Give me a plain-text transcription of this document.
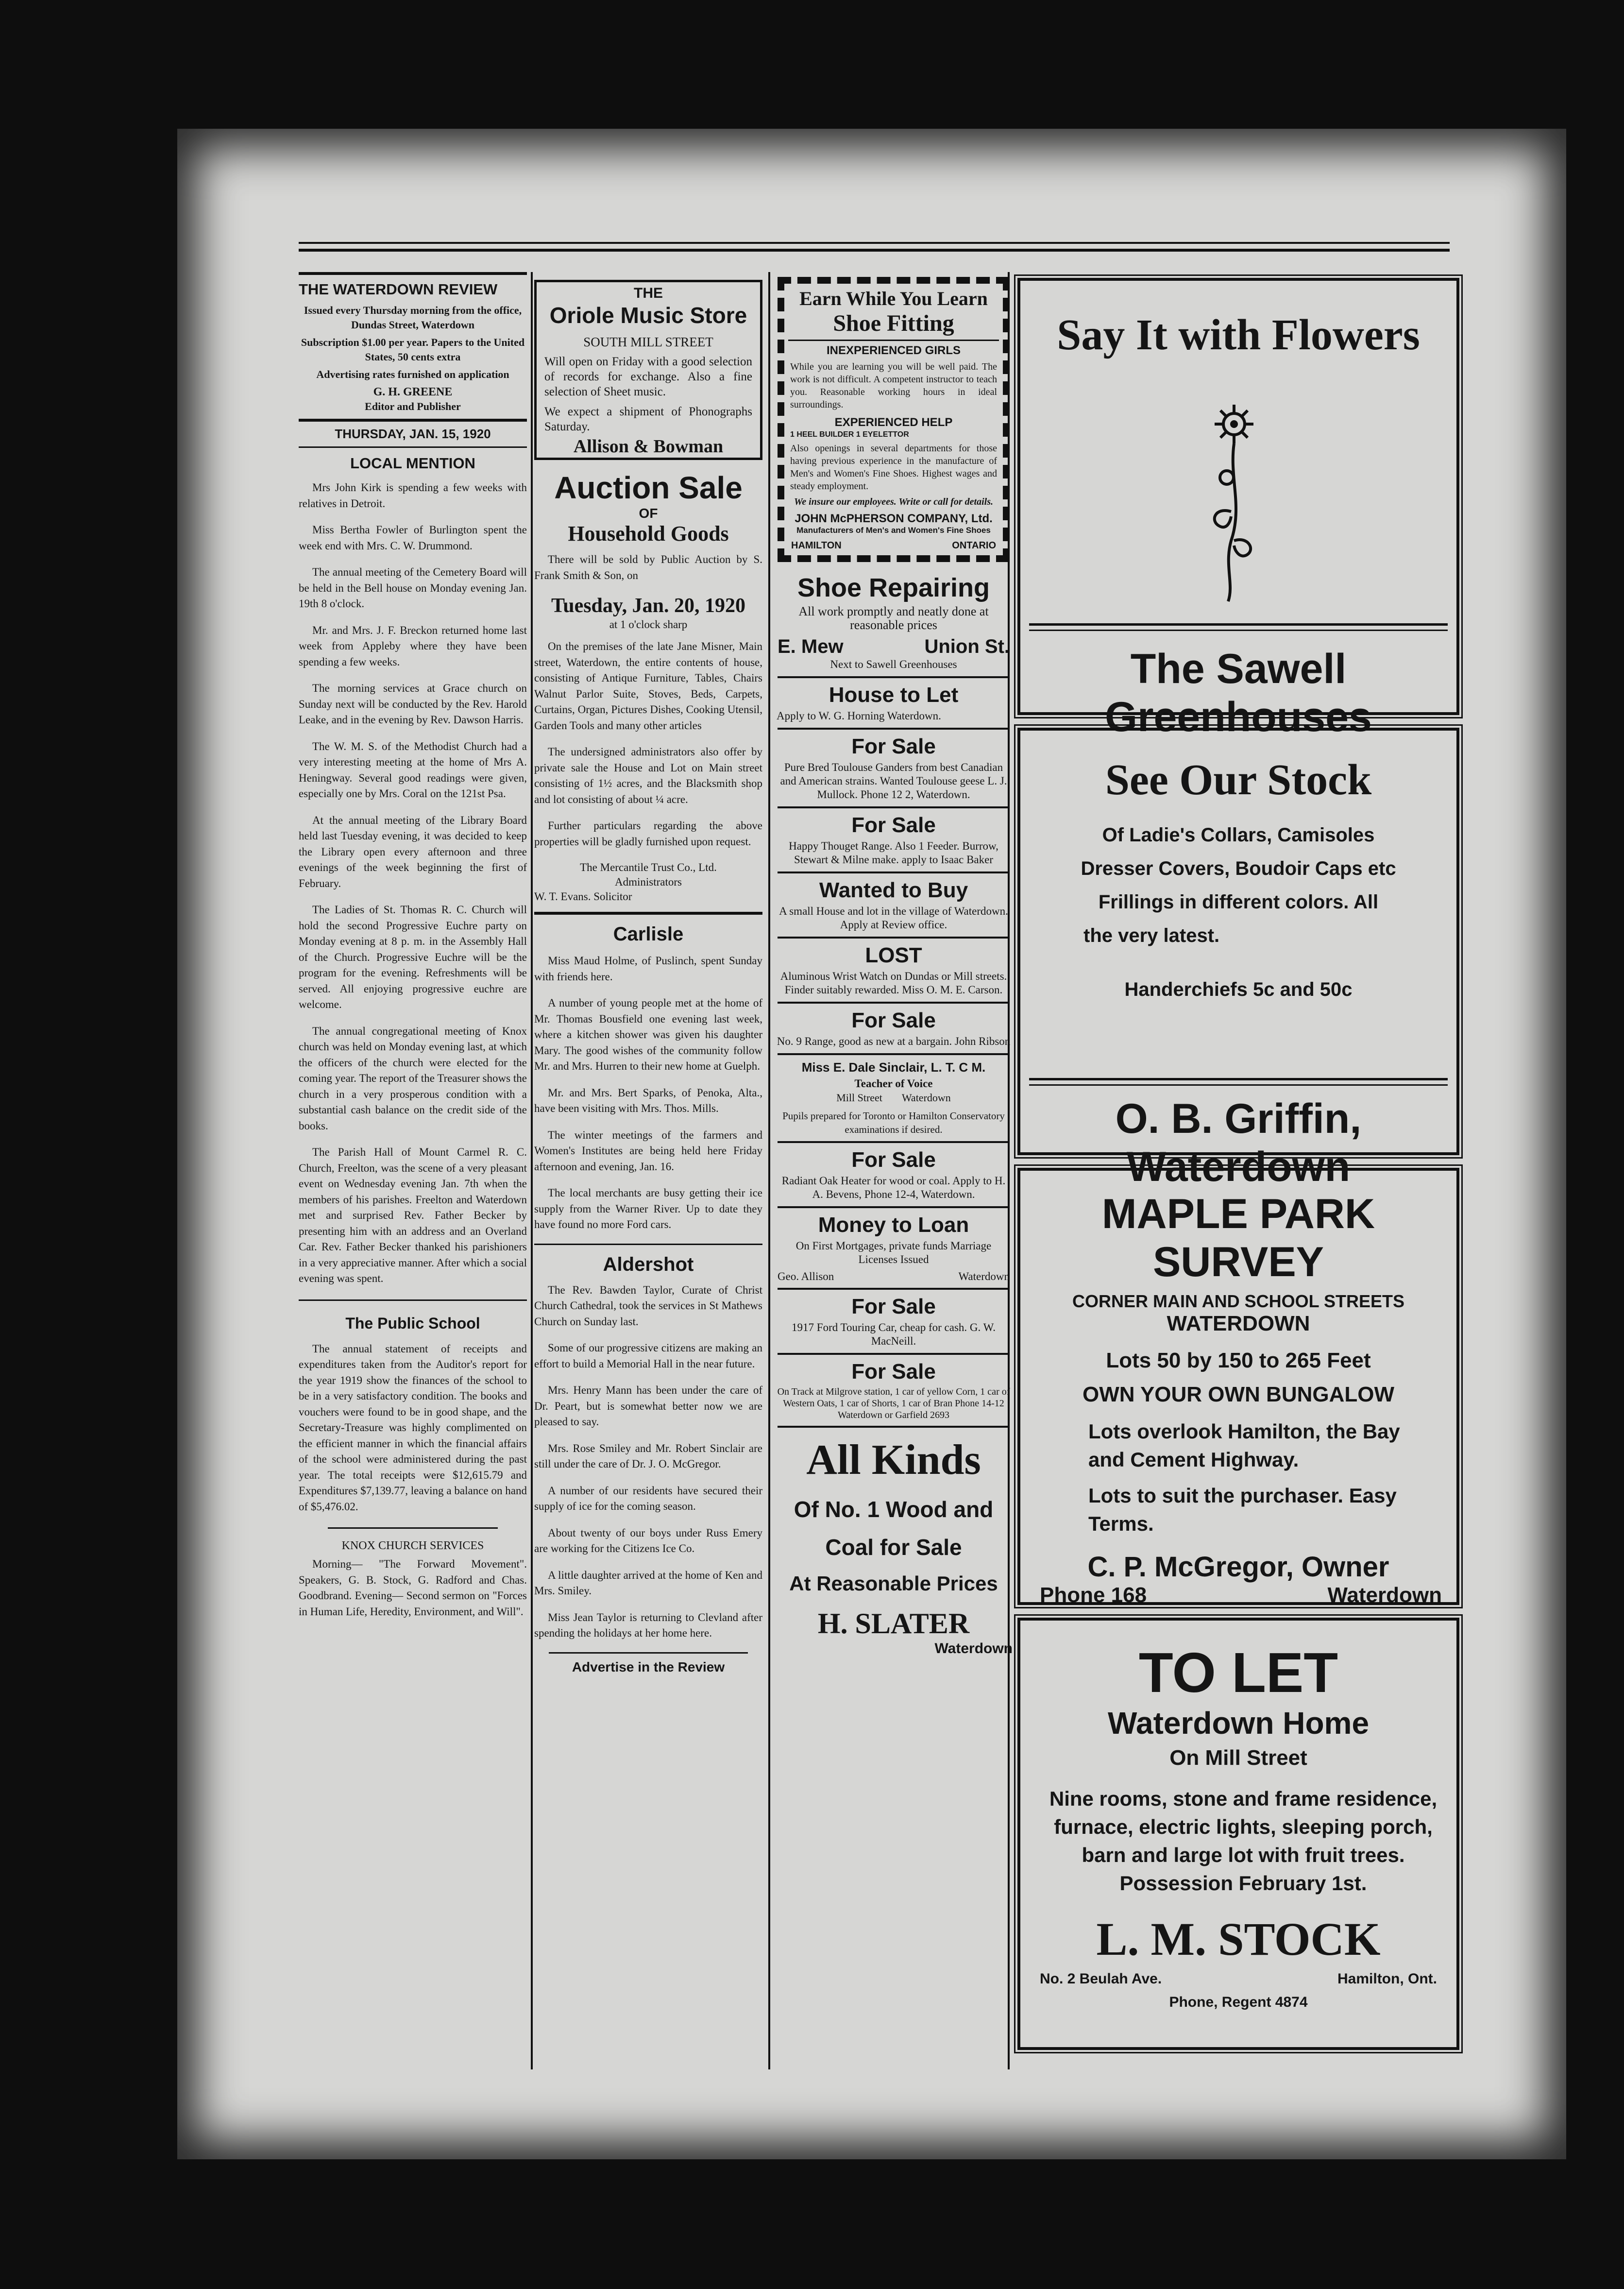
THE WATERDOWN REVIEW
Issued every Thursday morning from the office, Dundas Street, Waterdown
Subscription $1.00 per year. Papers to the United States, 50 cents extra
Advertising rates furnished on application
G. H. GREENE
Editor and Publisher
THURSDAY, JAN. 15, 1920
LOCAL MENTION

Mrs John Kirk is spending a few weeks with relatives in Detroit.

Miss Bertha Fowler of Burlington spent the week end with Mrs. C. W. Drummond.

The annual meeting of the Cemetery Board will be held in the Bell house on Monday evening Jan. 19th 8 o'clock.

Mr. and Mrs. J. F. Breckon returned home last week from Appleby where they have been spending a few weeks.

The morning services at Grace church on Sunday next will be conducted by the Rev. Harold Leake, and in the evening by Rev. Dawson Harris.

The W. M. S. of the Methodist Church had a very interesting meeting at the home of Mrs A. Heningway. Several good readings were given, especially one by Mrs. Coral on the 121st Psa.

At the annual meeting of the Library Board held last Tuesday evening, it was decided to keep the Library open every afternoon and three evenings of the week beginning the first of February.

The Ladies of St. Thomas R. C. Church will hold the second Progressive Euchre party on Monday evening at 8 p. m. in the Assembly Hall of the Church. Progressive Euchre will be the program for the evening. Refreshments will be served. All enjoying progressive euchre are welcome.

The annual congregational meeting of Knox church was held on Monday evening last, at which the officers of the church were elected for the coming year. The report of the Treasurer shows the church in a very prosperous condition with a substantial cash balance on the credit side of the books.

The Parish Hall of Mount Carmel R. C. Church, Freelton, was the scene of a very pleasant event on Wednesday evening Jan. 7th when the members of his parishes. Freelton and Waterdown met and surprised Rev. Father Becker by presenting him with an address and an Overland Car. Rev. Father Becker thanked his parishioners in a very appreciative manner. After which a social evening was spent.

The Public School

The annual statement of receipts and expenditures taken from the Auditor's report for the year 1919 show the finances of the school to be in a very satisfactory condition. The books and vouchers were found to be in good shape, and the Secretary-Treasure was highly complimented on the efficient manner in which the financial affairs of the school were administered during the past year. The total receipts were $12,615.79 and Expenditures $7,139.77, leaving a balance on hand of $5,476.02.

KNOX CHURCH SERVICES

Morning— "The Forward Movement". Speakers, G. B. Stock, G. Radford and Chas. Goodbrand. Evening— Second sermon on "Forces in Human Life, Heredity, Environment, and Will".

THE
Oriole Music Store
SOUTH MILL STREET
Will open on Friday with a good selection of records for exchange. Also a fine selection of Sheet music.
We expect a shipment of Phonographs Saturday.
Allison & Bowman
Auction Sale
OF
Household Goods

There will be sold by Public Auction by S. Frank Smith & Son, on

Tuesday, Jan. 20, 1920
at 1 o'clock sharp

On the premises of the late Jane Misner, Main street, Waterdown, the entire contents of house, consisting of Antique Furniture, Tables, Chairs Walnut Parlor Suite, Stoves, Beds, Carpets, Curtains, Organ, Pictures Dishes, Cooking Utensil, Garden Tools and many other articles

The undersigned administrators also offer by private sale the House and Lot on Main street consisting of 1½ acres, and the Blacksmith shop and lot consisting of about ¼ acre.

Further particulars regarding the above properties will be gladly furnished upon request.

The Mercantile Trust Co., Ltd.
Administrators
W. T. Evans. Solicitor
Carlisle

Miss Maud Holme, of Puslinch, spent Sunday with friends here.

A number of young people met at the home of Mr. Thomas Bousfield one evening last week, where a kitchen shower was given his daughter Mary. The good wishes of the community follow Mr. and Mrs. Hurren to their new home at Guelph.

Mr. and Mrs. Bert Sparks, of Penoka, Alta., have been visiting with Mrs. Thos. Mills.

The winter meetings of the farmers and Women's Institutes are being held here Friday afternoon and evening, Jan. 16.

The local merchants are busy getting their ice supply from the Warner River. Up to date they have found no more Ford cars.

Aldershot

The Rev. Bawden Taylor, Curate of Christ Church Cathedral, took the services in St Mathews Church on Sunday last.

Some of our progressive citizens are making an effort to build a Memorial Hall in the near future.

Mrs. Henry Mann has been under the care of Dr. Peart, but is somewhat better now we are pleased to say.

Mrs. Rose Smiley and Mr. Robert Sinclair are still under the care of Dr. J. O. McGregor.

A number of our residents have secured their supply of ice for the coming season.

About twenty of our boys under Russ Emery are working for the Citizens Ice Co.

A little daughter arrived at the home of Ken and Mrs. Smiley.

Miss Jean Taylor is returning to Clevland after spending the holidays at her home here.

Advertise in the Review
Earn While You Learn
Shoe Fitting
INEXPERIENCED GIRLS
While you are learning you will be well paid. The work is not difficult. A competent instructor to teach you. Reasonable working hours in ideal surroundings.
EXPERIENCED HELP
1 HEEL BUILDER 1 EYELETTOR
Also openings in several departments for those having previous experience in the manufacture of Men's and Women's Fine Shoes. Highest wages and steady employment.
We insure our employees. Write or call for details.
JOHN McPHERSON COMPANY, Ltd.
Manufacturers of Men's and Women's Fine Shoes
HAMILTON	ONTARIO
Shoe Repairing
All work promptly and neatly done at reasonable prices
E. Mew	Union St.
Next to Sawell Greenhouses
House to Let
Apply to W. G. Horning Waterdown.
For Sale
Pure Bred Toulouse Ganders from best Canadian and American strains. Wanted Toulouse geese L. J. Mullock. Phone 12 2, Waterdown.
For Sale
Happy Thouget Range. Also 1 Feeder. Burrow, Stewart & Milne make. apply to Isaac Baker
Wanted to Buy
A small House and lot in the village of Waterdown. Apply at Review office.
LOST
Aluminous Wrist Watch on Dundas or Mill streets. Finder suitably rewarded. Miss O. M. E. Carson.
For Sale
No. 9 Range, good as new at a bargain. John Ribson
Miss E. Dale Sinclair, L. T. C M.
Teacher of Voice
Mill Street Waterdown
Pupils prepared for Toronto or Hamilton Conservatory examinations if desired.
For Sale
Radiant Oak Heater for wood or coal. Apply to H. A. Bevens, Phone 12-4, Waterdown.
Money to Loan
On First Mortgages, private funds Marriage Licenses Issued
Geo. Allison	Waterdown
For Sale
1917 Ford Touring Car, cheap for cash. G. W. MacNeill.
For Sale
On Track at Milgrove station, 1 car of yellow Corn, 1 car of Western Oats, 1 car of Shorts, 1 car of Bran Phone 14-12 Waterdown or Garfield 2693
All Kinds
Of No. 1 Wood and
Coal for Sale
At Reasonable Prices
H. SLATER
Waterdown
Say It with Flowers
The Sawell Greenhouses
See Our Stock
Of Ladie's Collars, Camisoles
Dresser Covers, Boudoir Caps etc
Frillings in different colors. All
the very latest.
Handerchiefs 5c and 50c
O. B. Griffin, Waterdown
MAPLE PARK SURVEY
CORNER MAIN AND SCHOOL STREETS
WATERDOWN
Lots 50 by 150 to 265 Feet
OWN YOUR OWN BUNGALOW
Lots overlook Hamilton, the Bay and Cement Highway.
Lots to suit the purchaser. Easy Terms.
C. P. McGregor, Owner
Phone 168	Waterdown
TO LET
Waterdown Home
On Mill Street
Nine rooms, stone and frame residence, furnace, electric lights, sleeping porch, barn and large lot with fruit trees. Possession February 1st.
L. M. STOCK
No. 2 Beulah Ave.	Hamilton, Ont.
Phone, Regent 4874
